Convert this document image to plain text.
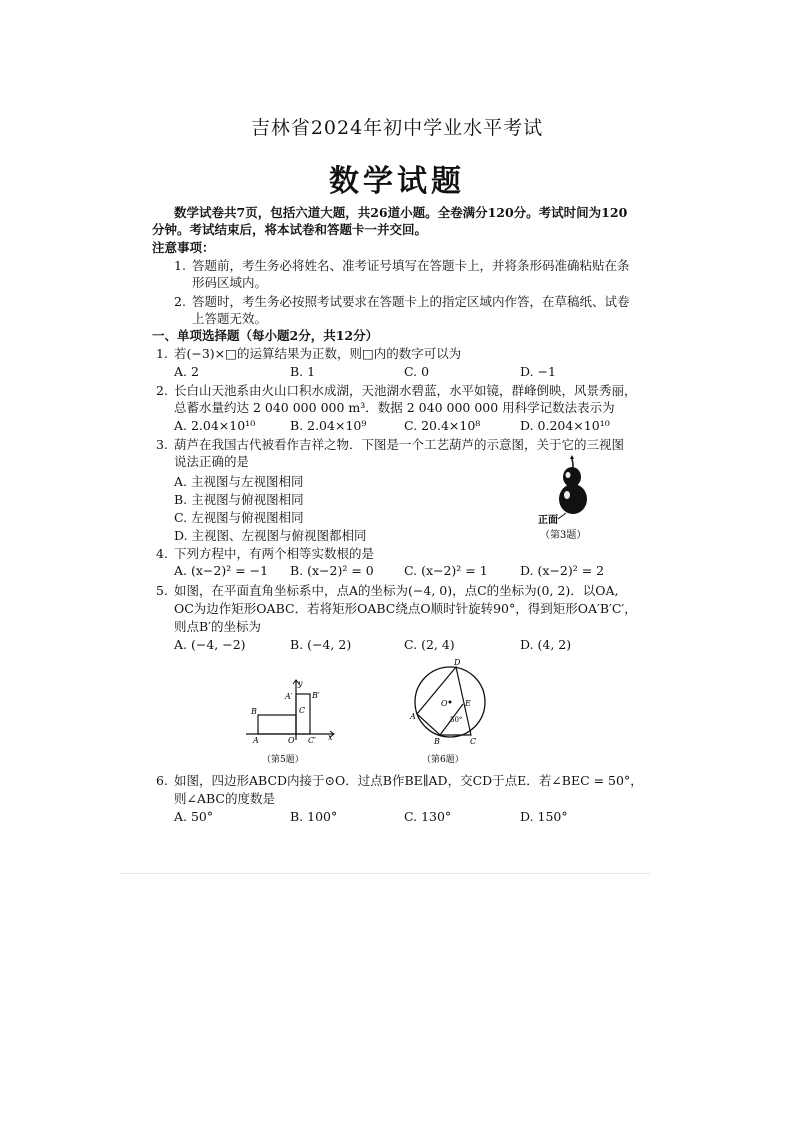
吉林省2024年初中学业水平考试
数学试题
数学试卷共7页，包括六道大题，共26道小题。全卷满分120分。考试时间为120
分钟。考试结束后，将本试卷和答题卡一并交回。
注意事项：
1. 答题前，考生务必将姓名、准考证号填写在答题卡上，并将条形码准确粘贴在条
形码区域内。
2. 答题时，考生务必按照考试要求在答题卡上的指定区域内作答，在草稿纸、试卷
上答题无效。
一、单项选择题（每小题2分，共12分）
1. 若(−3)×□的运算结果为正数，则□内的数字可以为
A. 2	B. 1	C. 0	D. −1
2. 长白山天池系由火山口积水成湖，天池湖水碧蓝，水平如镜，群峰倒映，风景秀丽，
总蓄水量约达 2 040 000 000 m³．数据 2 040 000 000 用科学记数法表示为
A. 2.04×10¹⁰	B. 2.04×10⁹	C. 20.4×10⁸	D. 0.204×10¹⁰
3. 葫芦在我国古代被看作吉祥之物．下图是一个工艺葫芦的示意图，关于它的三视图
说法正确的是
A. 主视图与左视图相同
B. 主视图与俯视图相同
C. 左视图与俯视图相同
D. 主视图、左视图与俯视图都相同
正面
（第3题）
4. 下列方程中，有两个相等实数根的是
A. (x−2)² = −1 B. (x−2)² = 0 C. (x−2)² = 1	D. (x−2)² = 2
5. 如图，在平面直角坐标系中，点A的坐标为(−4, 0)，点C的坐标为(0, 2)．以OA,
OC为边作矩形OABC．若将矩形OABC绕点O顺时针旋转90°，得到矩形OA′B′C′，
则点B′的坐标为
A. (−4, −2)	B. (−4, 2)	C. (2, 4)	D. (4, 2)
y
A′ B′
B	C
A	O C′ x
（第5题）
D
A
O E
50°
B	C
（第6题）
6. 如图，四边形ABCD内接于⊙O．过点B作BE∥AD，交CD于点E．若∠BEC = 50°，
则∠ABC的度数是
A. 50°	B. 100°	C. 130°	D. 150°
